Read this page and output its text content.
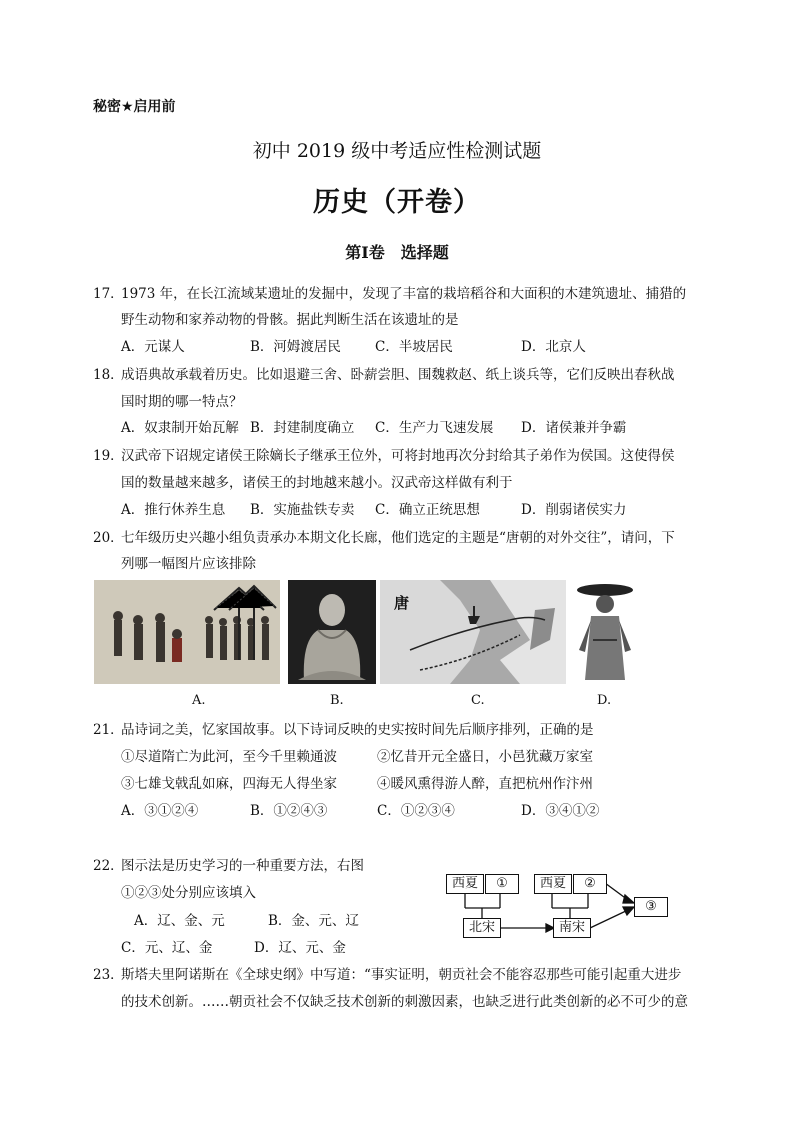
秘密★启用前
初中 2019 级中考适应性检测试题
历史（开卷）
第Ⅰ卷　选择题
17．1973 年，在长江流域某遗址的发掘中，发现了丰富的栽培稻谷和大面积的木建筑遗址、捕猎的
野生动物和家养动物的骨骸。据此判断生活在该遗址的是
A．元谋人	B．河姆渡居民	C．半坡居民	D．北京人
18．成语典故承载着历史。比如退避三舍、卧薪尝胆、围魏救赵、纸上谈兵等，它们反映出春秋战
国时期的哪一特点？
A．奴隶制开始瓦解 B．封建制度确立 C．生产力飞速发展 D．诸侯兼并争霸
19．汉武帝下诏规定诸侯王除嫡长子继承王位外，可将封地再次分封给其子弟作为侯国。这使得侯
国的数量越来越多，诸侯王的封地越来越小。汉武帝这样做有利于
A．推行休养生息 B．实施盐铁专卖 C．确立正统思想	D．削弱诸侯实力
20．七年级历史兴趣小组负责承办本期文化长廊，他们选定的主题是“唐朝的对外交往”，请问，下
列哪一幅图片应该排除
A.	B.
唐
C.	D.
21．品诗词之美，忆家国故事。以下诗词反映的史实按时间先后顺序排列，正确的是
①尽道隋亡为此河，至今千里赖通波	②忆昔开元全盛日，小邑犹藏万家室
③七雄戈戟乱如麻，四海无人得坐家	④暖风熏得游人醉，直把杭州作汴州
A．③①②④	B．①②④③	C．①②③④	D．③④①②
22．图示法是历史学习的一种重要方法，右图
①②③处分别应该填入
A．辽、金、元	B．金、元、辽
C．元、辽、金	D．辽、元、金
西夏	①	西夏	②
北宋	南宋
③
23．斯塔夫里阿诺斯在《全球史纲》中写道：“事实证明，朝贡社会不能容忍那些可能引起重大进步
的技术创新。……朝贡社会不仅缺乏技术创新的刺激因素，也缺乏进行此类创新的必不可少的意
